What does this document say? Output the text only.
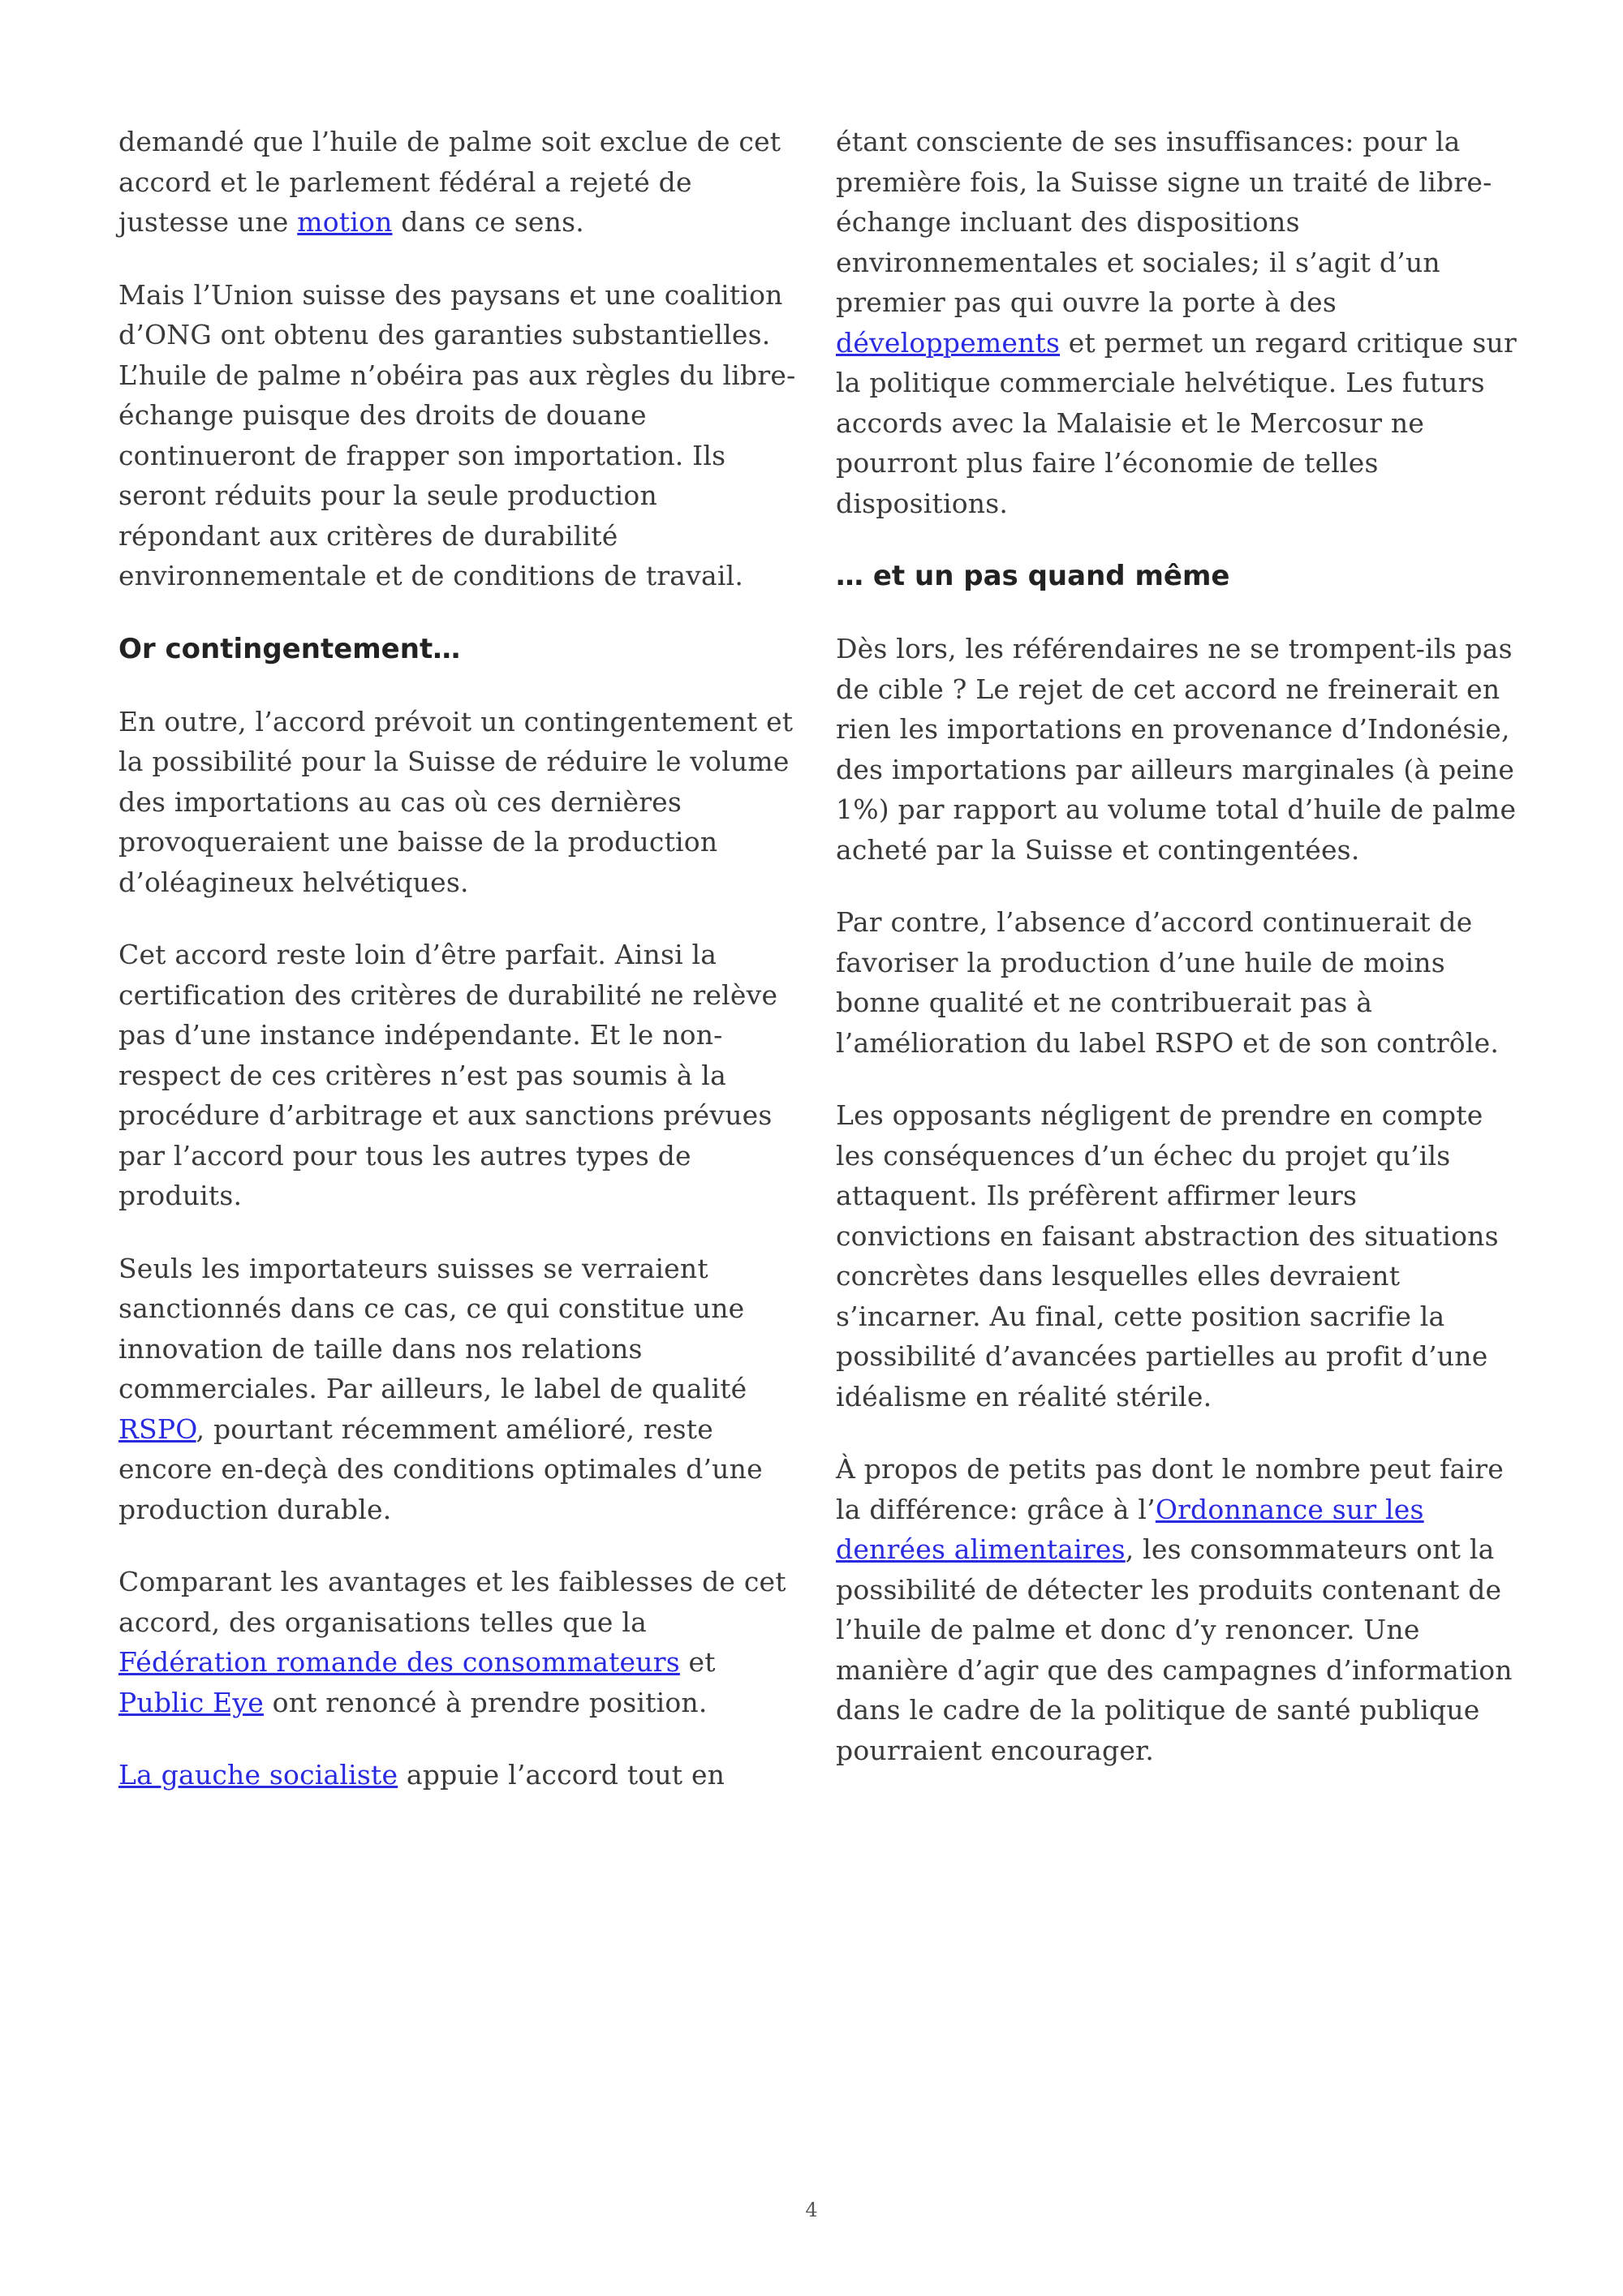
demandé que l’huile de palme soit exclue de cet accord et le parlement fédéral a rejeté de justesse une motion dans ce sens.

Mais l’Union suisse des paysans et une coalition d’ONG ont obtenu des garanties substantielles. L’huile de palme n’obéira pas aux règles du libre-échange puisque des droits de douane continueront de frapper son importation. Ils seront réduits pour la seule production répondant aux critères de durabilité environnementale et de conditions de travail.

Or contingentement…

En outre, l’accord prévoit un contingentement et la possibilité pour la Suisse de réduire le volume des importations au cas où ces dernières provoqueraient une baisse de la production d’oléagineux helvétiques.

Cet accord reste loin d’être parfait. Ainsi la certification des critères de durabilité ne relève pas d’une instance indépendante. Et le non-respect de ces critères n’est pas soumis à la procédure d’arbitrage et aux sanctions prévues par l’accord pour tous les autres types de produits.

Seuls les importateurs suisses se verraient sanctionnés dans ce cas, ce qui constitue une innovation de taille dans nos relations commerciales. Par ailleurs, le label de qualité RSPO, pourtant récemment amélioré, reste encore en-deçà des conditions optimales d’une production durable.

Comparant les avantages et les faiblesses de cet accord, des organisations telles que la Fédération romande des consommateurs et Public Eye ont renoncé à prendre position.

La gauche socialiste appuie l’accord tout en

étant consciente de ses insuffisances: pour la première fois, la Suisse signe un traité de libre-échange incluant des dispositions environnementales et sociales; il s’agit d’un premier pas qui ouvre la porte à des développements et permet un regard critique sur la politique commerciale helvétique. Les futurs accords avec la Malaisie et le Mercosur ne pourront plus faire l’économie de telles dispositions.

… et un pas quand même

Dès lors, les référendaires ne se trompent-ils pas de cible ? Le rejet de cet accord ne freinerait en rien les importations en provenance d’Indonésie, des importations par ailleurs marginales (à peine 1%) par rapport au volume total d’huile de palme acheté par la Suisse et contingentées.

Par contre, l’absence d’accord continuerait de favoriser la production d’une huile de moins bonne qualité et ne contribuerait pas à l’amélioration du label RSPO et de son contrôle.

Les opposants négligent de prendre en compte les conséquences d’un échec du projet qu’ils attaquent. Ils préfèrent affirmer leurs convictions en faisant abstraction des situations concrètes dans lesquelles elles devraient s’incarner. Au final, cette position sacrifie la possibilité d’avancées partielles au profit d’une idéalisme en réalité stérile.

À propos de petits pas dont le nombre peut faire la différence: grâce à l’Ordonnance sur les denrées alimentaires, les consommateurs ont la possibilité de détecter les produits contenant de l’huile de palme et donc d’y renoncer. Une manière d’agir que des campagnes d’information dans le cadre de la politique de santé publique pourraient encourager.

4
